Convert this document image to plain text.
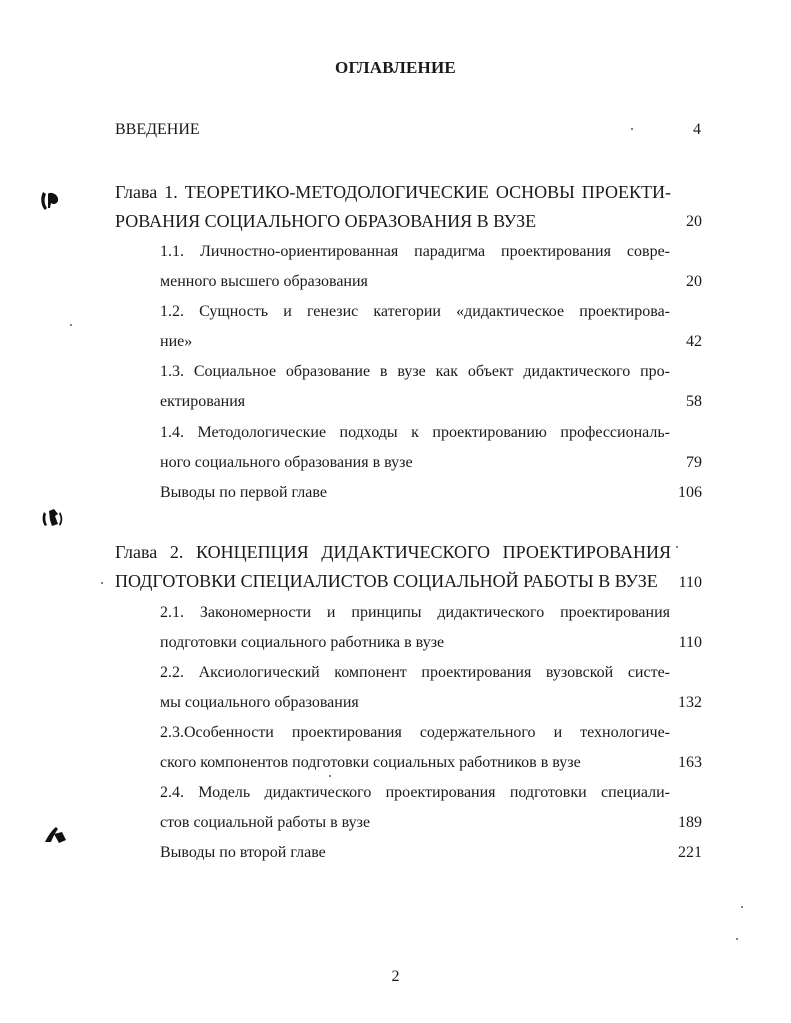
ОГЛАВЛЕНИЕ
ВВЕДЕНИЕ	4
Глава 1. ТЕОРЕТИКО-МЕТОДОЛОГИЧЕСКИЕ ОСНОВЫ ПРОЕКТИ-
РОВАНИЯ СОЦИАЛЬНОГО ОБРАЗОВАНИЯ В ВУЗЕ	20
1.1. Личностно-ориентированная парадигма проектирования совре-
менного высшего образования	20
1.2. Сущность и генезис категории «дидактическое проектирова-
ние»	42
1.3. Социальное образование в вузе как объект дидактического про-
ектирования	58
1.4. Методологические подходы к проектированию профессиональ-
ного социального образования в вузе	79
Выводы по первой главе	106
Глава 2. КОНЦЕПЦИЯ ДИДАКТИЧЕСКОГО ПРОЕКТИРОВАНИЯ
ПОДГОТОВКИ СПЕЦИАЛИСТОВ СОЦИАЛЬНОЙ РАБОТЫ В ВУЗЕ	110
2.1. Закономерности и принципы дидактического проектирования
подготовки социального работника в вузе	110
2.2. Аксиологический компонент проектирования вузовской систе-
мы социального образования	132
2.3.Особенности проектирования содержательного и технологиче-
ского компонентов подготовки социальных работников в вузе	163
2.4. Модель дидактического проектирования подготовки специали-
стов социальной работы в вузе	189
Выводы по второй главе	221
2
